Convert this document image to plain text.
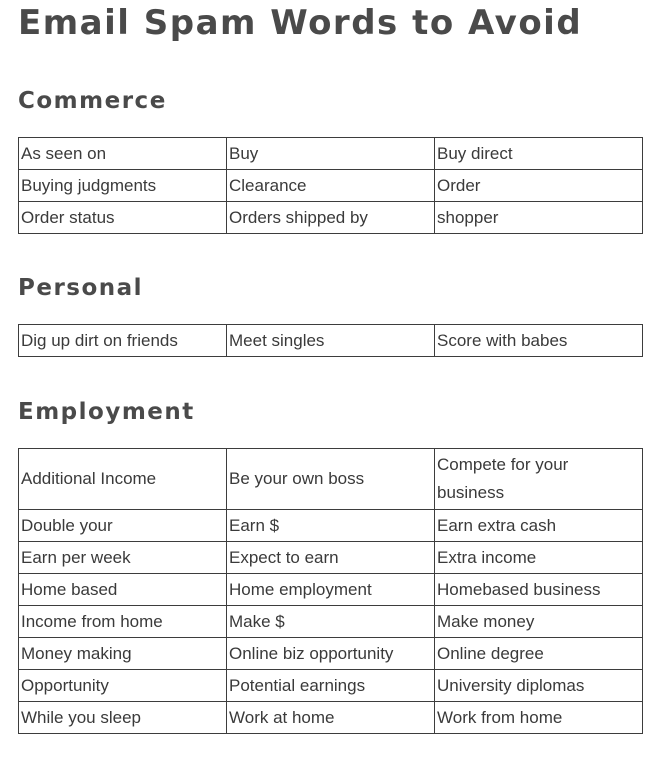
Email Spam Words to Avoid
Commerce
As seen on	Buy	Buy direct
Buying judgments	Clearance	Order
Order status	Orders shipped by	shopper
Personal
Dig up dirt on friends	Meet singles	Score with babes
Employment
Additional Income	Be your own boss	Compete for your business
Double your	Earn $	Earn extra cash
Earn per week	Expect to earn	Extra income
Home based	Home employment	Homebased business
Income from home	Make $	Make money
Money making	Online biz opportunity	Online degree
Opportunity	Potential earnings	University diplomas
While you sleep	Work at home	Work from home
